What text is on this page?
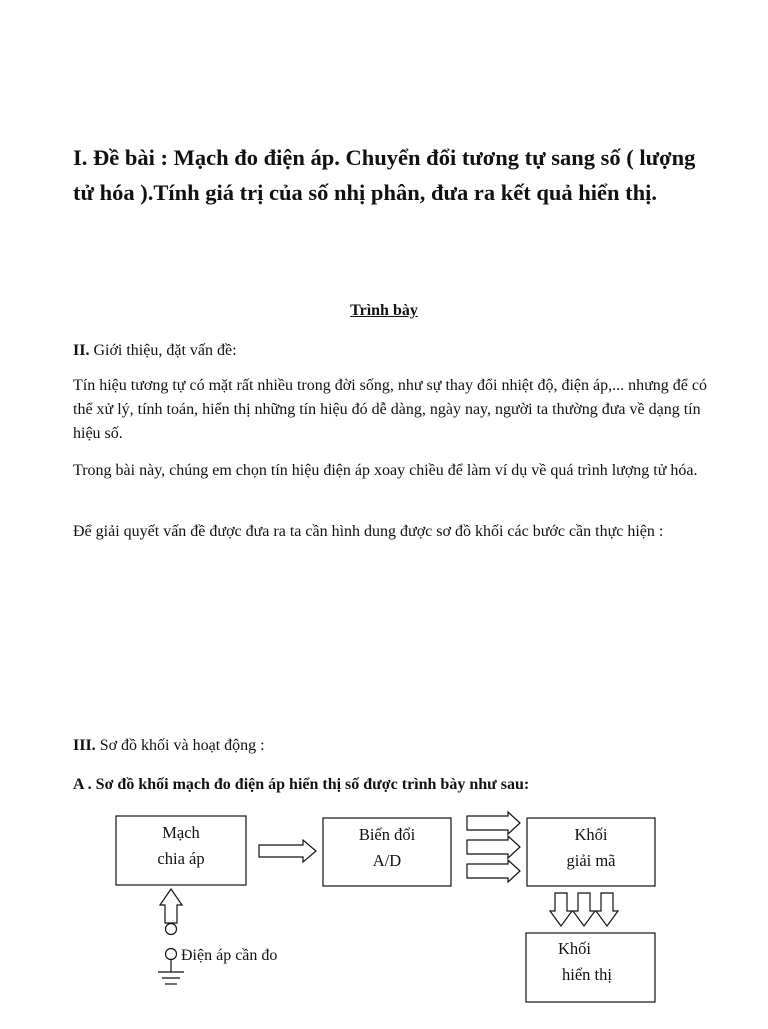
I. Đề bài : Mạch đo điện áp. Chuyển đổi tương tự sang số ( lượng tử hóa ).Tính giá trị của số nhị phân, đưa ra kết quả hiển thị.

Trình bày

II. Giới thiệu, đặt vấn đề:

Tín hiệu tương tự có mặt rất nhiều trong đời sống, như sự thay đổi nhiệt độ, điện áp,... nhưng để có thể xử lý, tính toán, hiển thị những tín hiệu đó dễ dàng, ngày nay, người ta thường đưa về dạng tín hiệu số.

Trong bài này, chúng em chọn tín hiệu điện áp xoay chiều để làm ví dụ về quá trình lượng tử hóa.

Để giải quyết vấn đề được đưa ra ta cần hình dung được sơ đồ khối các bước cần thực hiện :

III. Sơ đồ khối và hoạt động :

A . Sơ đồ khối mạch đo điện áp hiển thị số được trình bày như sau:

Mạch
chia áp
Biến đổi
A/D
Khối
giải mã
Khối
hiển thị
Điện áp cần đo
